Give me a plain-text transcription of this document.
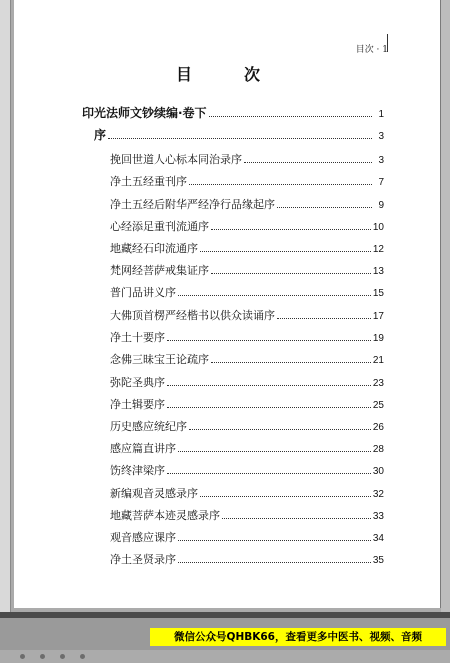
目次 · 1
目　次
印光法师文钞续编·卷下	1
序	3
挽回世道人心标本同治录序	3
净土五经重刊序	7
净土五经后附华严经净行品缘起序	9
心经添足重刊流通序	10
地藏经石印流通序	12
梵网经菩萨戒集证序	13
普门品讲义序	15
大佛顶首楞严经楷书以供众读诵序	17
净土十要序	19
念佛三昧宝王论疏序	21
弥陀圣典序	23
净土辑要序	25
历史感应统纪序	26
感应篇直讲序	28
饬终津梁序	30
新编观音灵感录序	32
地藏菩萨本迹灵感录序	33
观音感应课序	34
净土圣贤录序	35
微信公众号QHBK66，查看更多中医书、视频、音频
